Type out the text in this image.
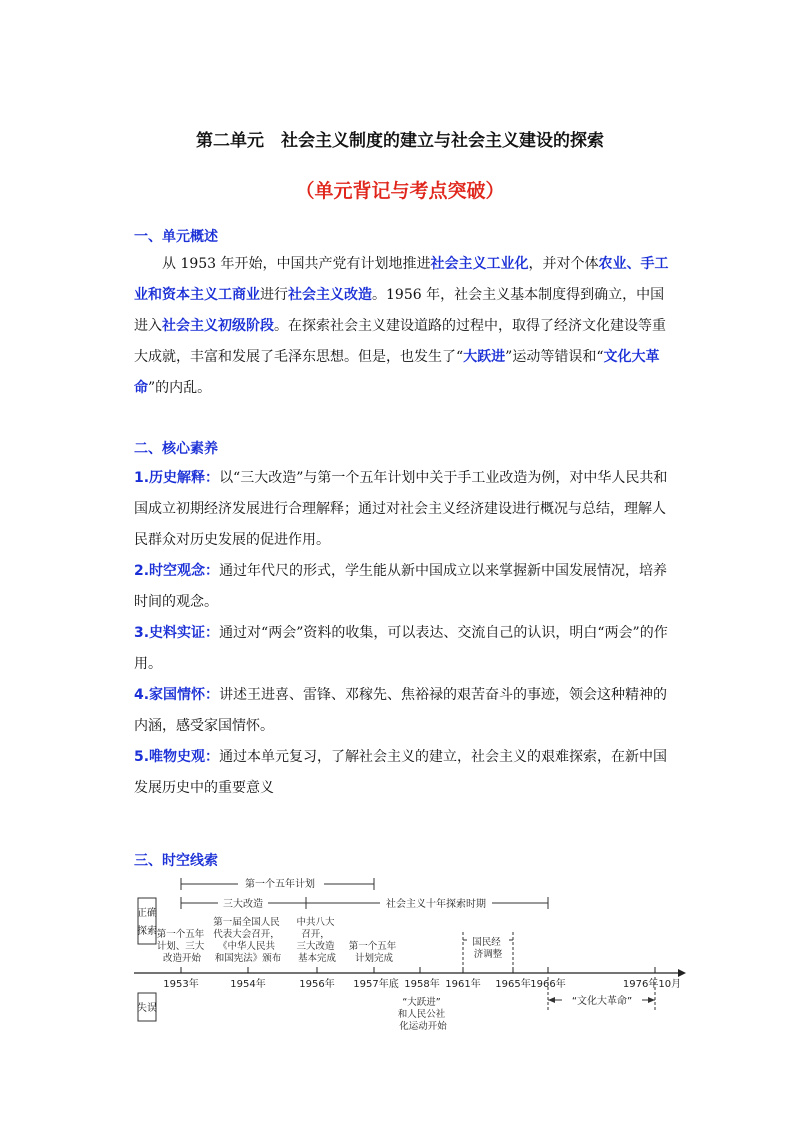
第二单元　社会主义制度的建立与社会主义建设的探索
（单元背记与考点突破）
一、单元概述
从 1953 年开始，中国共产党有计划地推进社会主义工业化，并对个体农业、手工业和资本主义工商业进行社会主义改造。1956 年，社会主义基本制度得到确立，中国进入社会主义初级阶段。在探索社会主义建设道路的过程中，取得了经济文化建设等重大成就，丰富和发展了毛泽东思想。但是，也发生了“大跃进”运动等错误和“文化大革命”的内乱。
二、核心素养

1.历史解释：以“三大改造”与第一个五年计划中关于手工业改造为例，对中华人民共和国成立初期经济发展进行合理解释；通过对社会主义经济建设进行概况与总结，理解人民群众对历史发展的促进作用。

2.时空观念：通过年代尺的形式，学生能从新中国成立以来掌握新中国发展情况，培养时间的观念。

3.史料实证：通过对“两会”资料的收集，可以表达、交流自己的认识，明白“两会”的作用。

4.家国情怀：讲述王进喜、雷锋、邓稼先、焦裕禄的艰苦奋斗的事迹，领会这种精神的内涵，感受家国情怀。

5.唯物史观：通过本单元复习，了解社会主义的建立，社会主义的艰难探索，在新中国发展历史中的重要意义

三、时空线索
正确
探索
失误
第一个五年计划
三大改造	社会主义十年探索时期
第一个五年 计划、三大 改造开始
第一届全国人民 代表大会召开， 《中华人民共 和国宪法》颁布
中共八大 召开， 三大改造 基本完成
第一个五年 计划完成
国民经 济调整
1953年	1954年	1956年 1957年底 1958年 1961年 1965年 1966年	1976年10月
“大跃进” 和人民公社 化运动开始
“文化大革命”
